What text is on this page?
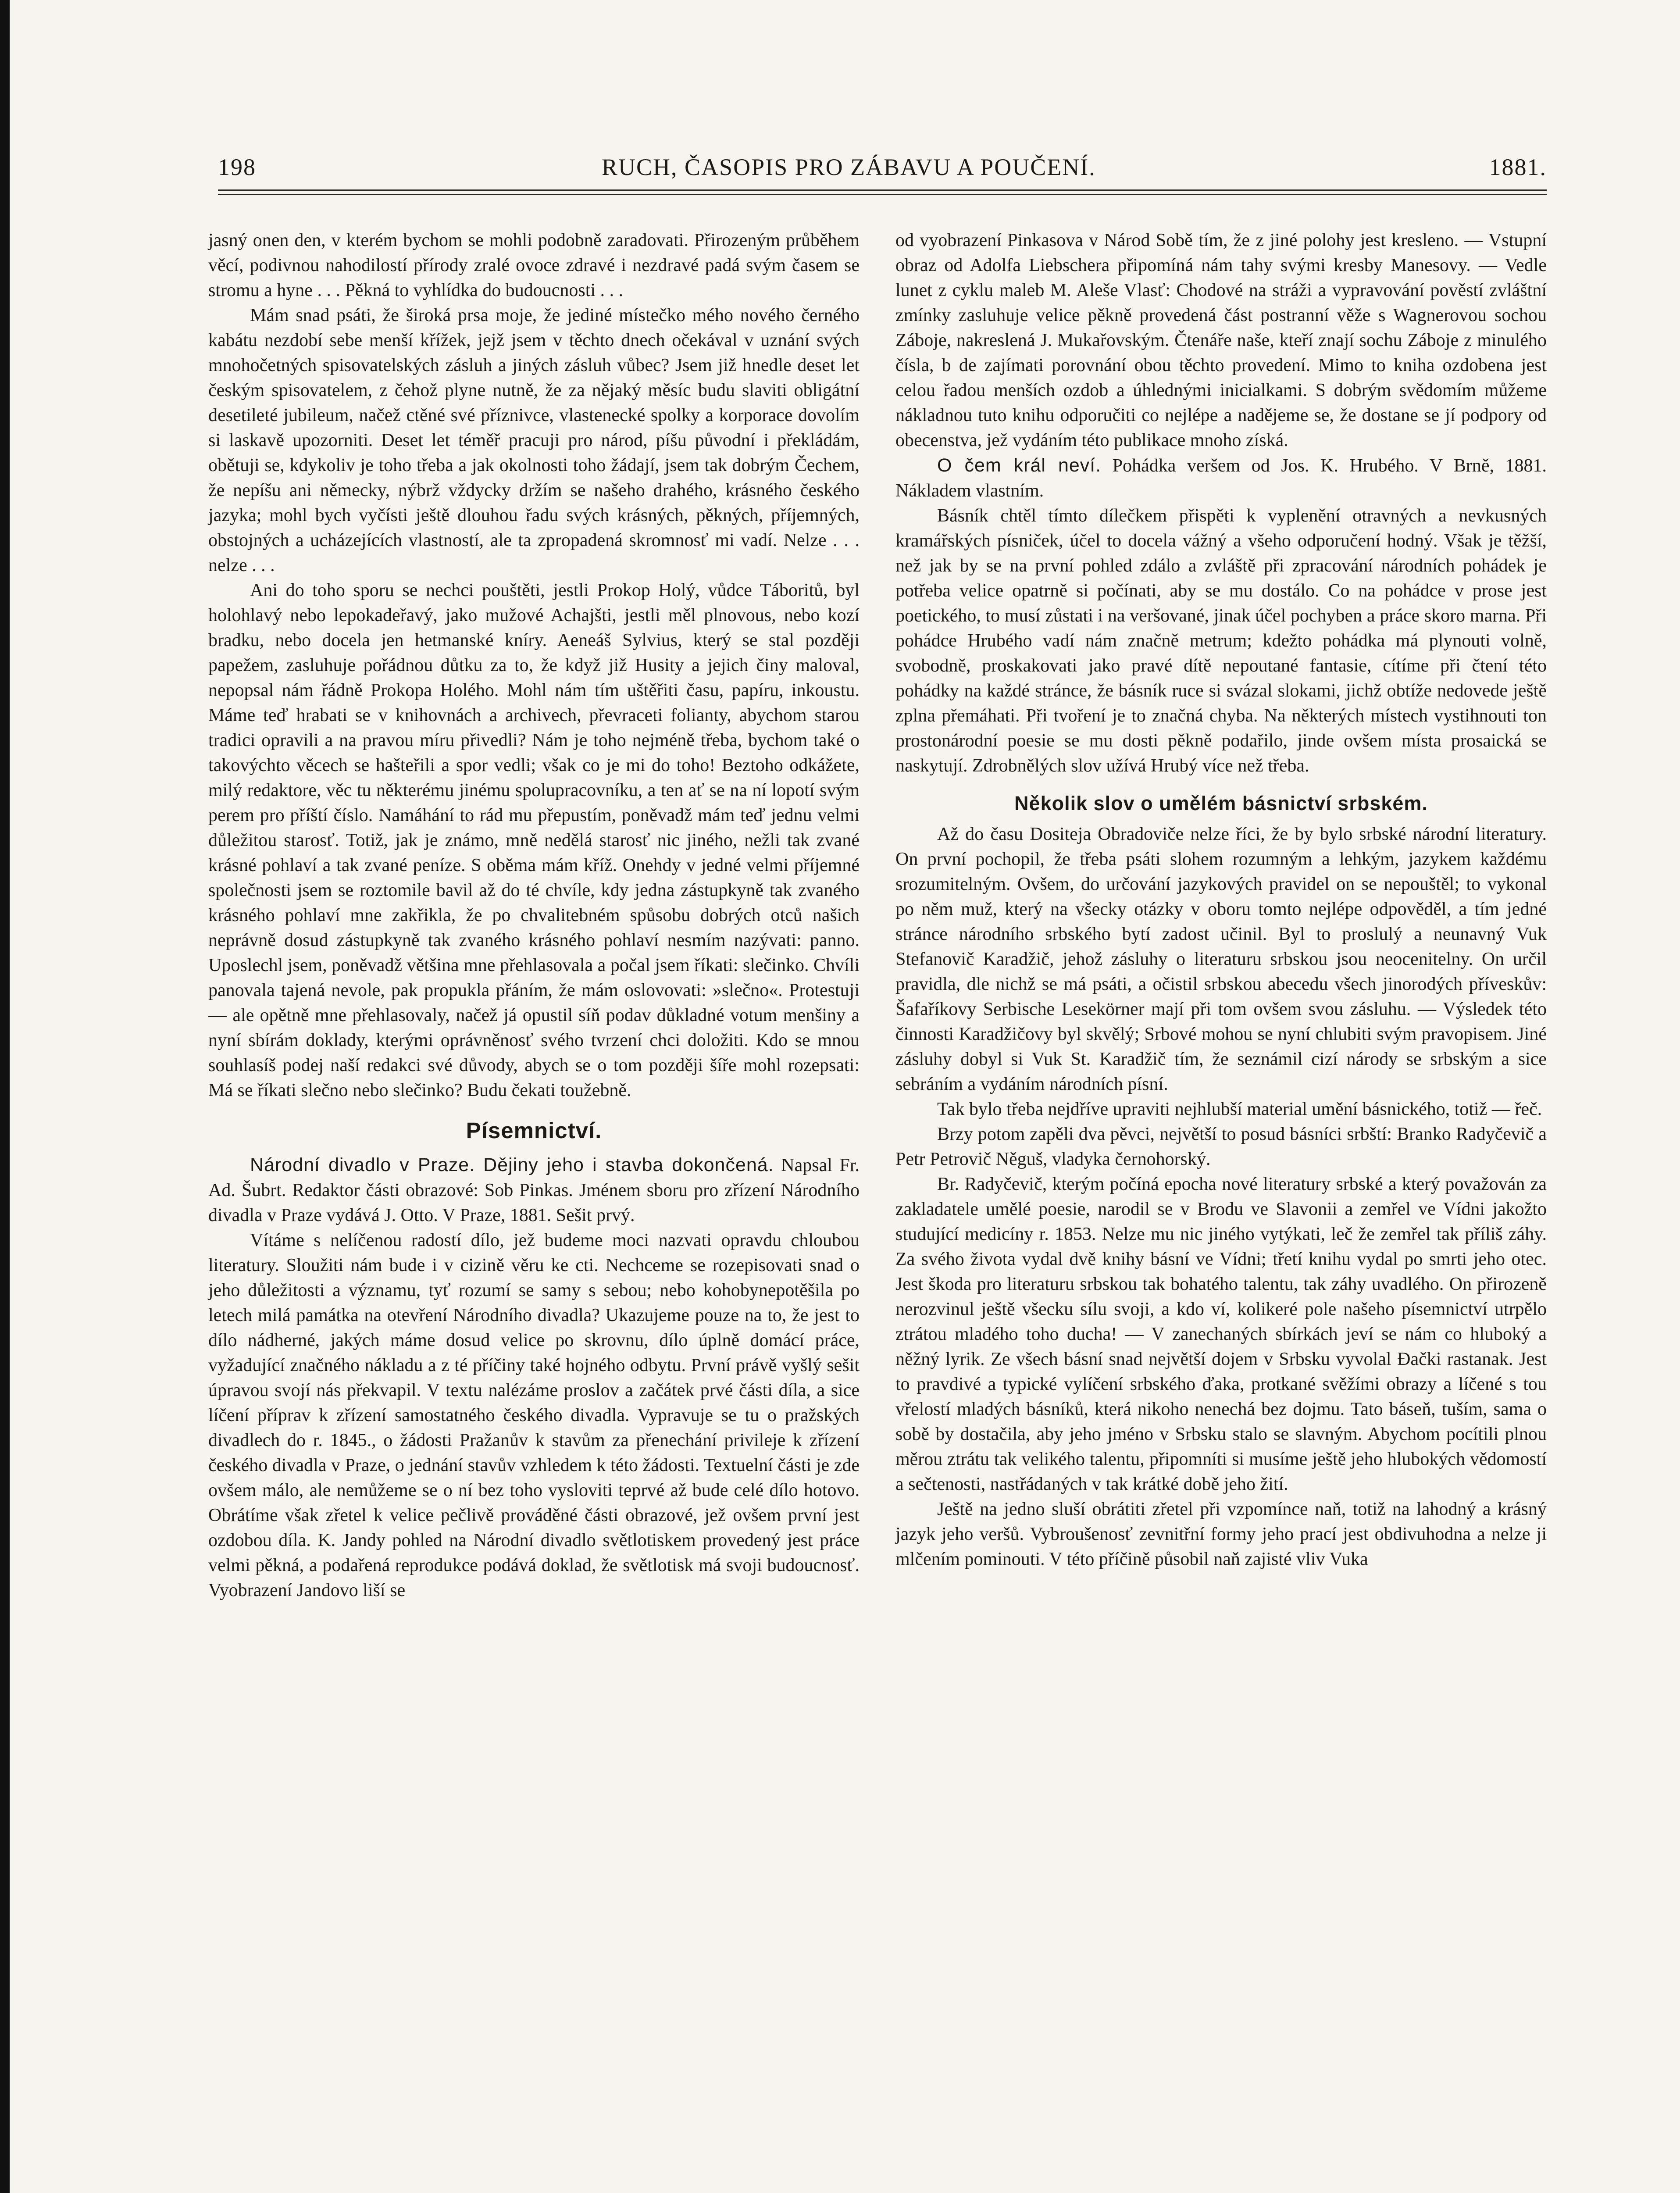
198	RUCH, ČASOPIS PRO ZÁBAVU A POUČENÍ.	1881.

jasný onen den, v kterém bychom se mohli podobně zaradovati. Přirozeným průběhem věcí, podivnou nahodilostí přírody zralé ovoce zdravé i nezdravé padá svým časem se stromu a hyne . . . Pěkná to vyhlídka do budoucnosti . . .

Mám snad psáti, že široká prsa moje, že jediné místečko mého nového černého kabátu nezdobí sebe menší křížek, jejž jsem v těchto dnech očekával v uznání svých mnohočetných spisovatelských zásluh a jiných zásluh vůbec? Jsem již hnedle deset let českým spisovatelem, z čehož plyne nutně, že za nějaký měsíc budu slaviti obligátní desetileté jubileum, načež ctěné své příznivce, vlastenecké spolky a korporace dovolím si laskavě upozorniti. Deset let téměř pracuji pro národ, píšu původní i překládám, obětuji se, kdykoliv je toho třeba a jak okolnosti toho žádají, jsem tak dobrým Čechem, že nepíšu ani německy, nýbrž vždycky držím se našeho drahého, krásného českého jazyka; mohl bych vyčísti ještě dlouhou řadu svých krásných, pěkných, příjemných, obstojných a ucházejících vlastností, ale ta zpropadená skromnosť mi vadí. Nelze . . . nelze . . .

Ani do toho sporu se nechci pouštěti, jestli Prokop Holý, vůdce Táboritů, byl holohlavý nebo lepokadeřavý, jako mužové Achajšti, jestli měl plnovous, nebo kozí bradku, nebo docela jen hetmanské kníry. Aeneáš Sylvius, který se stal později papežem, zasluhuje pořádnou důtku za to, že když již Husity a jejich činy maloval, nepopsal nám řádně Prokopa Holého. Mohl nám tím uštěřiti času, papíru, inkoustu. Máme teď hrabati se v knihovnách a archivech, převraceti folianty, abychom starou tradici opravili a na pravou míru přivedli? Nám je toho nejméně třeba, bychom také o takovýchto věcech se hašteřili a spor vedli; však co je mi do toho! Beztoho odkážete, milý redaktore, věc tu některému jinému spolupracovníku, a ten ať se na ní lopotí svým perem pro příští číslo. Namáhání to rád mu přepustím, poněvadž mám teď jednu velmi důležitou starosť. Totiž, jak je známo, mně nedělá starosť nic jiného, nežli tak zvané krásné pohlaví a tak zvané peníze. S oběma mám kříž. Onehdy v jedné velmi příjemné společnosti jsem se roztomile bavil až do té chvíle, kdy jedna zástupkyně tak zvaného krásného pohlaví mne zakřikla, že po chvalitebném spůsobu dobrých otců našich neprávně dosud zástupkyně tak zvaného krásného pohlaví nesmím nazývati: panno. Uposlechl jsem, poněvadž většina mne přehlasovala a počal jsem říkati: slečinko. Chvíli panovala tajená nevole, pak propukla přáním, že mám oslovovati: »slečno«. Protestuji — ale opětně mne přehlasovaly, načež já opustil síň podav důkladné votum menšiny a nyní sbírám doklady, kterými oprávněnosť svého tvrzení chci doložiti. Kdo se mnou souhlasíš podej naší redakci své důvody, abych se o tom později šíře mohl rozepsati: Má se říkati slečno nebo slečinko? Budu čekati toužebně.

Písemnictví.

Národní divadlo v Praze. Dějiny jeho i stavba dokončená. Napsal Fr. Ad. Šubrt. Redaktor části obrazové: Sob Pinkas. Jménem sboru pro zřízení Národního divadla v Praze vydává J. Otto. V Praze, 1881. Sešit prvý.

Vítáme s nelíčenou radostí dílo, jež budeme moci nazvati opravdu chloubou literatury. Sloužiti nám bude i v cizině věru ke cti. Nechceme se rozepisovati snad o jeho důležitosti a významu, tyť rozumí se samy s sebou; nebo kohobynepotěšila po letech milá památka na otevření Národního divadla? Ukazujeme pouze na to, že jest to dílo nádherné, jakých máme dosud velice po skrovnu, dílo úplně domácí práce, vyžadující značného nákladu a z té příčiny také hojného odbytu. První právě vyšlý sešit úpravou svojí nás překvapil. V textu nalézáme proslov a začátek prvé části díla, a sice líčení příprav k zřízení samostatného českého divadla. Vypravuje se tu o pražských divadlech do r. 1845., o žádosti Pražanův k stavům za přenechání privileje k zřízení českého divadla v Praze, o jednání stavův vzhledem k této žádosti. Textuelní části je zde ovšem málo, ale nemůžeme se o ní bez toho vysloviti teprvé až bude celé dílo hotovo. Obrátíme však zřetel k velice pečlivě prováděné části obrazové, jež ovšem první jest ozdobou díla. K. Jandy pohled na Národní divadlo světlotiskem provedený jest práce velmi pěkná, a podařená reprodukce podává doklad, že světlotisk má svoji budoucnosť. Vyobrazení Jandovo liší se

od vyobrazení Pinkasova v Národ Sobě tím, že z jiné polohy jest kresleno. — Vstupní obraz od Adolfa Liebschera připomíná nám tahy svými kresby Manesovy. — Vedle lunet z cyklu maleb M. Aleše Vlasť: Chodové na stráži a vypravování pověstí zvláštní zmínky zasluhuje velice pěkně provedená část postranní věže s Wagnerovou sochou Záboje, nakreslená J. Mukařovským. Čtenáře naše, kteří znají sochu Záboje z minulého čísla, b de zajímati porovnání obou těchto provedení. Mimo to kniha ozdobena jest celou řadou menších ozdob a úhlednými inicialkami. S dobrým svědomím můžeme nákladnou tuto knihu odporučiti co nejlépe a nadějeme se, že dostane se jí podpory od obecenstva, jež vydáním této publikace mnoho získá.

O čem král neví. Pohádka veršem od Jos. K. Hrubého. V Brně, 1881. Nákladem vlastním.

Básník chtěl tímto dílečkem přispěti k vyplenění otravných a nevkusných kramářských písniček, účel to docela vážný a všeho odporučení hodný. Však je těžší, než jak by se na první pohled zdálo a zvláště při zpracování národních pohádek je potřeba velice opatrně si počínati, aby se mu dostálo. Co na pohádce v prose jest poetického, to musí zůstati i na veršované, jinak účel pochyben a práce skoro marna. Při pohádce Hrubého vadí nám značně metrum; kdežto pohádka má plynouti volně, svobodně, proskakovati jako pravé dítě nepoutané fantasie, cítíme při čtení této pohádky na každé stránce, že básník ruce si svázal slokami, jichž obtíže nedovede ještě zplna přemáhati. Při tvoření je to značná chyba. Na některých místech vystihnouti ton prostonárodní poesie se mu dosti pěkně podařilo, jinde ovšem místa prosaická se naskytují. Zdrobnělých slov užívá Hrubý více než třeba.

Několik slov o umělém básnictví srbském.

Až do času Dositeja Obradoviče nelze říci, že by bylo srbské národní literatury. On první pochopil, že třeba psáti slohem rozumným a lehkým, jazykem každému srozumitelným. Ovšem, do určování jazykových pravidel on se nepouštěl; to vykonal po něm muž, který na všecky otázky v oboru tomto nejlépe odpověděl, a tím jedné stránce národního srbského bytí zadost učinil. Byl to proslulý a neunavný Vuk Stefanovič Karadžič, jehož zásluhy o literaturu srbskou jsou neocenitelny. On určil pravidla, dle nichž se má psáti, a očistil srbskou abecedu všech jinorodých příveskův: Šafaříkovy Serbische Lesekörner mají při tom ovšem svou zásluhu. — Výsledek této činnosti Karadžičovy byl skvělý; Srbové mohou se nyní chlubiti svým pravopisem. Jiné zásluhy dobyl si Vuk St. Karadžič tím, že seznámil cizí národy se srbským a sice sebráním a vydáním národních písní.

Tak bylo třeba nejdříve upraviti nejhlubší material umění básnického, totiž — řeč.

Brzy potom zapěli dva pěvci, největší to posud básníci srbští: Branko Radyčevič a Petr Petrovič Něguš, vladyka černohorský.

Br. Radyčevič, kterým počíná epocha nové literatury srbské a který považován za zakladatele umělé poesie, narodil se v Brodu ve Slavonii a zemřel ve Vídni jakožto studující medicíny r. 1853. Nelze mu nic jiného vytýkati, leč že zemřel tak příliš záhy. Za svého života vydal dvě knihy básní ve Vídni; třetí knihu vydal po smrti jeho otec. Jest škoda pro literaturu srbskou tak bohatého talentu, tak záhy uvadlého. On přirozeně nerozvinul ještě všecku sílu svoji, a kdo ví, kolikeré pole našeho písemnictví utrpělo ztrátou mladého toho ducha! — V zanechaných sbírkách jeví se nám co hluboký a něžný lyrik. Ze všech básní snad největší dojem v Srbsku vyvolal Đački rastanak. Jest to pravdivé a typické vylíčení srbského ďaka, protkané svěžími obrazy a líčené s tou vřelostí mladých básníků, která nikoho nenechá bez dojmu. Tato báseň, tuším, sama o sobě by dostačila, aby jeho jméno v Srbsku stalo se slavným. Abychom pocítili plnou měrou ztrátu tak velikého talentu, připomníti si musíme ještě jeho hlubokých vědomostí a sečtenosti, nastřádaných v tak krátké době jeho žití.

Ještě na jedno sluší obrátiti zřetel při vzpomínce naň, totiž na lahodný a krásný jazyk jeho veršů. Vybroušenosť zevnitřní formy jeho prací jest obdivuhodna a nelze ji mlčením pominouti. V této příčině působil naň zajisté vliv Vuka
